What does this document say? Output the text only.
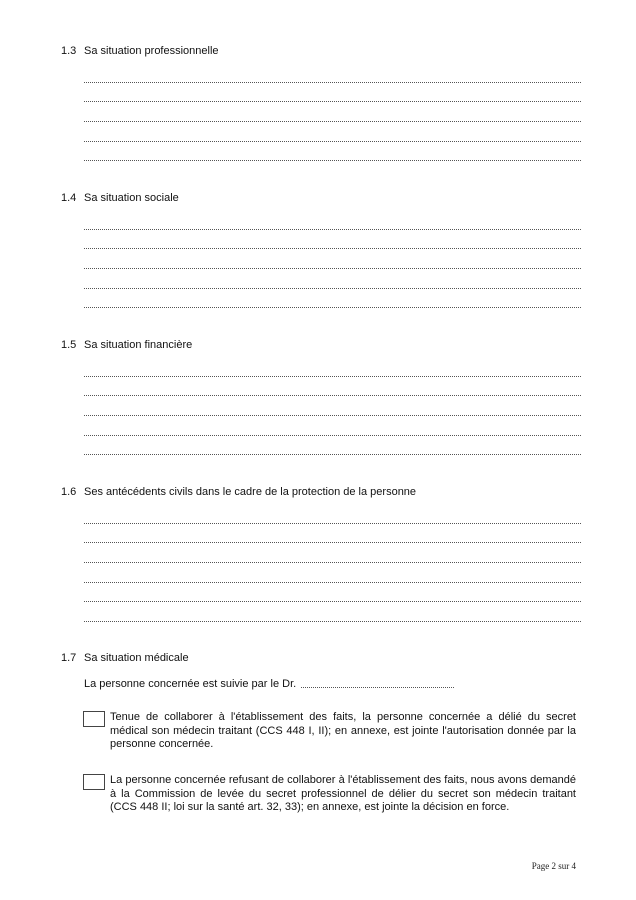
1.3 Sa situation professionnelle
1.4 Sa situation sociale
1.5 Sa situation financière
1.6 Ses antécédents civils dans le cadre de la protection de la personne
1.7 Sa situation médicale
La personne concernée est suivie par le Dr.
Tenue de collaborer à l'établissement des faits, la personne concernée a délié du secret médical son médecin traitant (CCS 448 I, II); en annexe, est jointe l'autorisation donnée par la personne concernée.
La personne concernée refusant de collaborer à l'établissement des faits, nous avons demandé à la Commission de levée du secret professionnel de délier du secret son médecin traitant (CCS 448 II; loi sur la santé art. 32, 33); en annexe, est jointe la décision en force.
Page 2 sur 4
